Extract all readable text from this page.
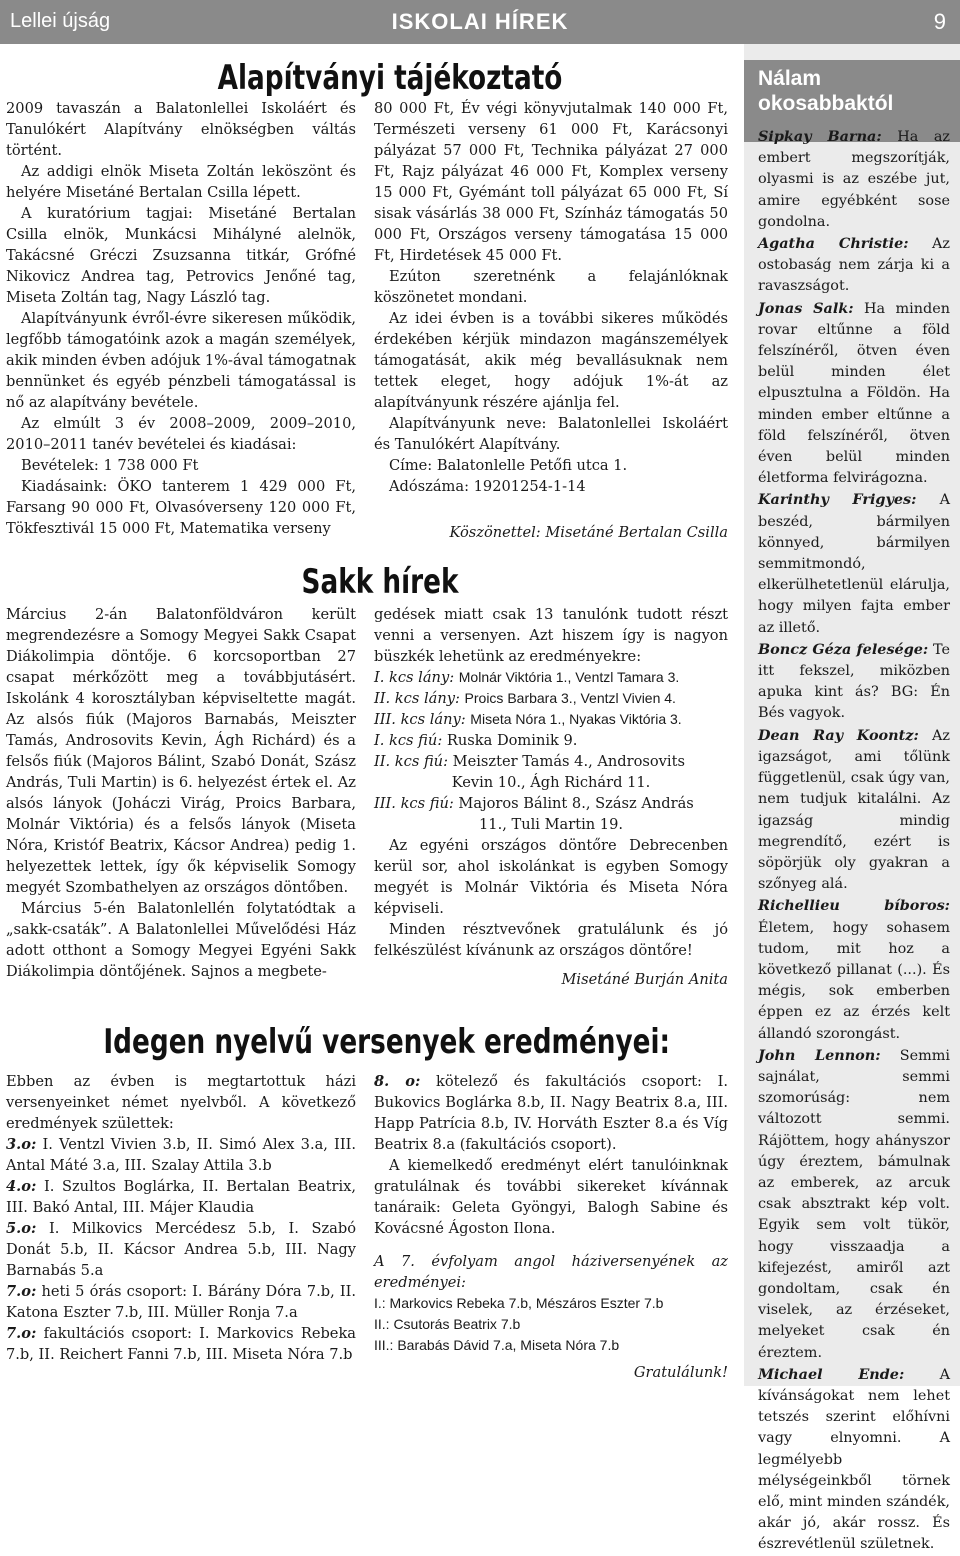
Lellei újság	ISKOLAI HÍREK	9
Alapítványi tájékoztató

2009 tavaszán a Balatonlellei Iskoláért és Tanulókért Alapítvány elnökségben váltás történt.

Az addigi elnök Miseta Zoltán leköszönt és helyére Misetáné Bertalan Csilla lépett.

A kuratórium tagjai: Misetáné Bertalan Csilla elnök, Munkácsi Mihályné alelnök, Takácsné Gréczi Zsuzsanna titkár, Grófné Nikovicz Andrea tag, Petrovics Jenőné tag, Miseta Zoltán tag, Nagy László tag.

Alapítványunk évről-évre sikeresen működik, legfőbb támogatóink azok a magán személyek, akik minden évben adójuk 1%-ával támogatnak bennünket és egyéb pénzbeli támogatással is nő az alapítvány bevétele.

Az elmúlt 3 év 2008–2009, 2009–2010, 2010–2011 tanév bevételei és kiadásai:

Bevételek: 1 738 000 Ft

Kiadásaink: ÖKO tanterem 1 429 000 Ft, Farsang 90 000 Ft, Olvasóverseny 120 000 Ft, Tökfesztivál 15 000 Ft, Matematika verseny

80 000 Ft, Év végi könyvjutalmak 140 000 Ft, Természeti verseny 61 000 Ft, Karácsonyi pályázat 57 000 Ft, Technika pályázat 27 000 Ft, Rajz pályázat 46 000 Ft, Komplex verseny 15 000 Ft, Gyémánt toll pályázat 65 000 Ft, Sí sisak vásárlás 38 000 Ft, Színház támogatás 50 000 Ft, Országos verseny támogatása 15 000 Ft, Hirdetések 45 000 Ft.

Ezúton szeretnénk a felajánlóknak köszönetet mondani.

Az idei évben is a további sikeres működés érdekében kérjük mindazon magánszemélyek támogatását, akik még bevallásuknak nem tettek eleget, hogy adójuk 1%-át az alapítványunk részére ajánlja fel.

Alapítványunk neve: Balatonlellei Iskoláért és Tanulókért Alapítvány.

Címe: Balatonlelle Petőfi utca 1.

Adószáma: 19201254-1-14

Köszönettel: Misetáné Bertalan Csilla

Sakk hírek

Március 2-án Balatonföldváron került megrendezésre a Somogy Megyei Sakk Csapat Diákolimpia döntője. 6 korcsoportban 27 csapat mérkőzött meg a továbbjutásért. Iskolánk 4 korosztályban képviseltette magát. Az alsós fiúk (Majoros Barnabás, Meiszter Tamás, Androsovits Kevin, Ágh Richárd) és a felsős fiúk (Majoros Bálint, Szabó Donát, Szász András, Tuli Martin) is 6. helyezést értek el. Az alsós lányok (Joháczi Virág, Proics Barbara, Molnár Viktória) és a felsős lányok (Miseta Nóra, Kristóf Beatrix, Kácsor Andrea) pedig 1. helyezettek lettek, így ők képviselik Somogy megyét Szombathelyen az országos döntőben.

Március 5-én Balatonlellén folytatódtak a „sakk-csaták”. A Balatonlellei Művelődési Ház adott otthont a Somogy Megyei Egyéni Sakk Diákolimpia döntőjének. Sajnos a megbete-

gedések miatt csak 13 tanulónk tudott részt venni a versenyen. Azt hiszem így is nagyon büszkék lehetünk az eredményekre:

I. kcs lány: Molnár Viktória 1., Ventzl Tamara 3.

II. kcs lány: Proics Barbara 3., Ventzl Vivien 4.

III. kcs lány: Miseta Nóra 1., Nyakas Viktória 3.

I. kcs fiú: Ruska Dominik 9.

II. kcs fiú: Meiszter Tamás 4., Androsovits

Kevin 10., Ágh Richárd 11.

III. kcs fiú: Majoros Bálint 8., Szász András

11., Tuli Martin 19.

Az egyéni országos döntőre Debrecenben kerül sor, ahol iskolánkat is egyben Somogy megyét is Molnár Viktória és Miseta Nóra képviseli.

Minden résztvevőnek gratulálunk és jó felkészülést kívánunk az országos döntőre!

Misetáné Burján Anita

Idegen nyelvű versenyek eredményei:

Ebben az évben is megtartottuk házi versenyeinket német nyelvből. A következő eredmények születtek:

3.o: I. Ventzl Vivien 3.b, II. Simó Alex 3.a, III. Antal Máté 3.a, III. Szalay Attila 3.b

4.o: I. Szultos Boglárka, II. Bertalan Beatrix, III. Bakó Antal, III. Májer Klaudia

5.o: I. Milkovics Mercédesz 5.b, I. Szabó Donát 5.b, II. Kácsor Andrea 5.b, III. Nagy Barnabás 5.a

7.o: heti 5 órás csoport: I. Bárány Dóra 7.b, II. Katona Eszter 7.b, III. Müller Ronja 7.a

7.o: fakultációs csoport: I. Markovics Rebeka 7.b, II. Reichert Fanni 7.b, III. Miseta Nóra 7.b

8. o: kötelező és fakultációs csoport: I. Bukovics Boglárka 8.b, II. Nagy Beatrix 8.a, III. Happ Patrícia 8.b, IV. Horváth Eszter 8.a és Víg Beatrix 8.a (fakultációs csoport).

A kiemelkedő eredményt elért tanulóinknak gratulálnak és további sikereket kívánnak tanáraik: Geleta Gyöngyi, Balogh Sabine és Kovácsné Ágoston Ilona.

A 7. évfolyam angol háziversenyének az eredményei:

I.: Markovics Rebeka 7.b, Mészáros Eszter 7.b

II.: Csutorás Beatrix 7.b

III.: Barabás Dávid 7.a, Miseta Nóra 7.b

Gratulálunk!

Nálam okosabbaktól

Sipkay Barna: Ha az embert megszorítják, olyasmi is az eszébe jut, amire egyébként sose gondolna.

Agatha Christie: Az ostobaság nem zárja ki a ravaszságot.

Jonas Salk: Ha minden rovar eltűnne a föld felszínéről, ötven éven belül minden élet elpusztulna a Földön. Ha minden ember eltűnne a föld felszínéről, ötven éven belül minden életforma felvirágozna.

Karinthy Frigyes: A beszéd, bármilyen könnyed, bármilyen semmitmondó, elkerülhetetlenül elárulja, hogy milyen fajta ember az illető.

Boncz Géza felesége: Te itt fekszel, miközben apuka kint ás? BG: Én Bés vagyok.

Dean Ray Koontz: Az igazságot, ami tőlünk függetlenül, csak úgy van, nem tudjuk kitalálni. Az igazság mindig megrendítő, ezért is söpörjük oly gyakran a szőnyeg alá.

Richellieu bíboros: Életem, hogy sohasem tudom, mit hoz a következő pillanat (...). És mégis, sok emberben éppen ez az érzés kelt állandó szorongást.

John Lennon: Semmi sajnálat, semmi szomorúság: nem változott semmi. Rájöttem, hogy ahányszor úgy éreztem, bámulnak az emberek, az arcuk csak absztrakt kép volt. Egyik sem volt tükör, hogy visszaadja a kifejezést, amiről azt gondoltam, csak én viselek, az érzéseket, melyeket csak én éreztem.

Michael Ende: A kívánságokat nem lehet tetszés szerint előhívni vagy elnyomni. A legmélyebb mélységeinkből törnek elő, mint minden szándék, akár jó, akár rossz. És észrevétlenül születnek.
